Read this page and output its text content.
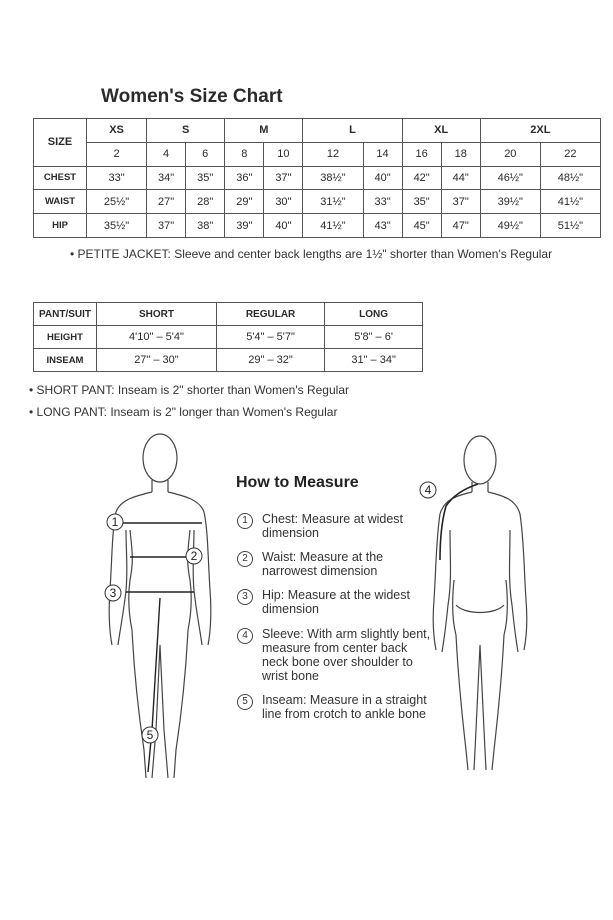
Women's Size Chart
SIZE	XS	S		M		L		XL		2XL	
	2	4	6	8	10	12	14	16	18	20	22
CHEST	33"	34"	35"	36"	37"	38½"	40"	42"	44"	46½"	48½"
WAIST	25½"	27"	28"	29"	30"	31½"	33"	35"	37"	39½"	41½"
HIP	35½"	37"	38"	39"	40"	41½"	43"	45"	47"	49½"	51½"
• PETITE JACKET: Sleeve and center back lengths are 1½" shorter than Women's Regular
PANT/SUIT	SHORT	REGULAR	LONG
HEIGHT	4'10" – 5'4"	5'4" – 5'7"	5'8" – 6'
INSEAM	27" – 30"	29" – 32"	31" – 34"
• SHORT PANT: Inseam is 2" shorter than Women's Regular
• LONG PANT: Inseam is 2" longer than Women's Regular
1
2
3
5
How to Measure
1	Chest: Measure at widest dimension
2	Waist: Measure at the narrowest dimension
3	Hip: Measure at the widest dimension
4	Sleeve: With arm slightly bent, measure from center back neck bone over shoulder to wrist bone
5	Inseam: Measure in a straight line from crotch to ankle bone
4
